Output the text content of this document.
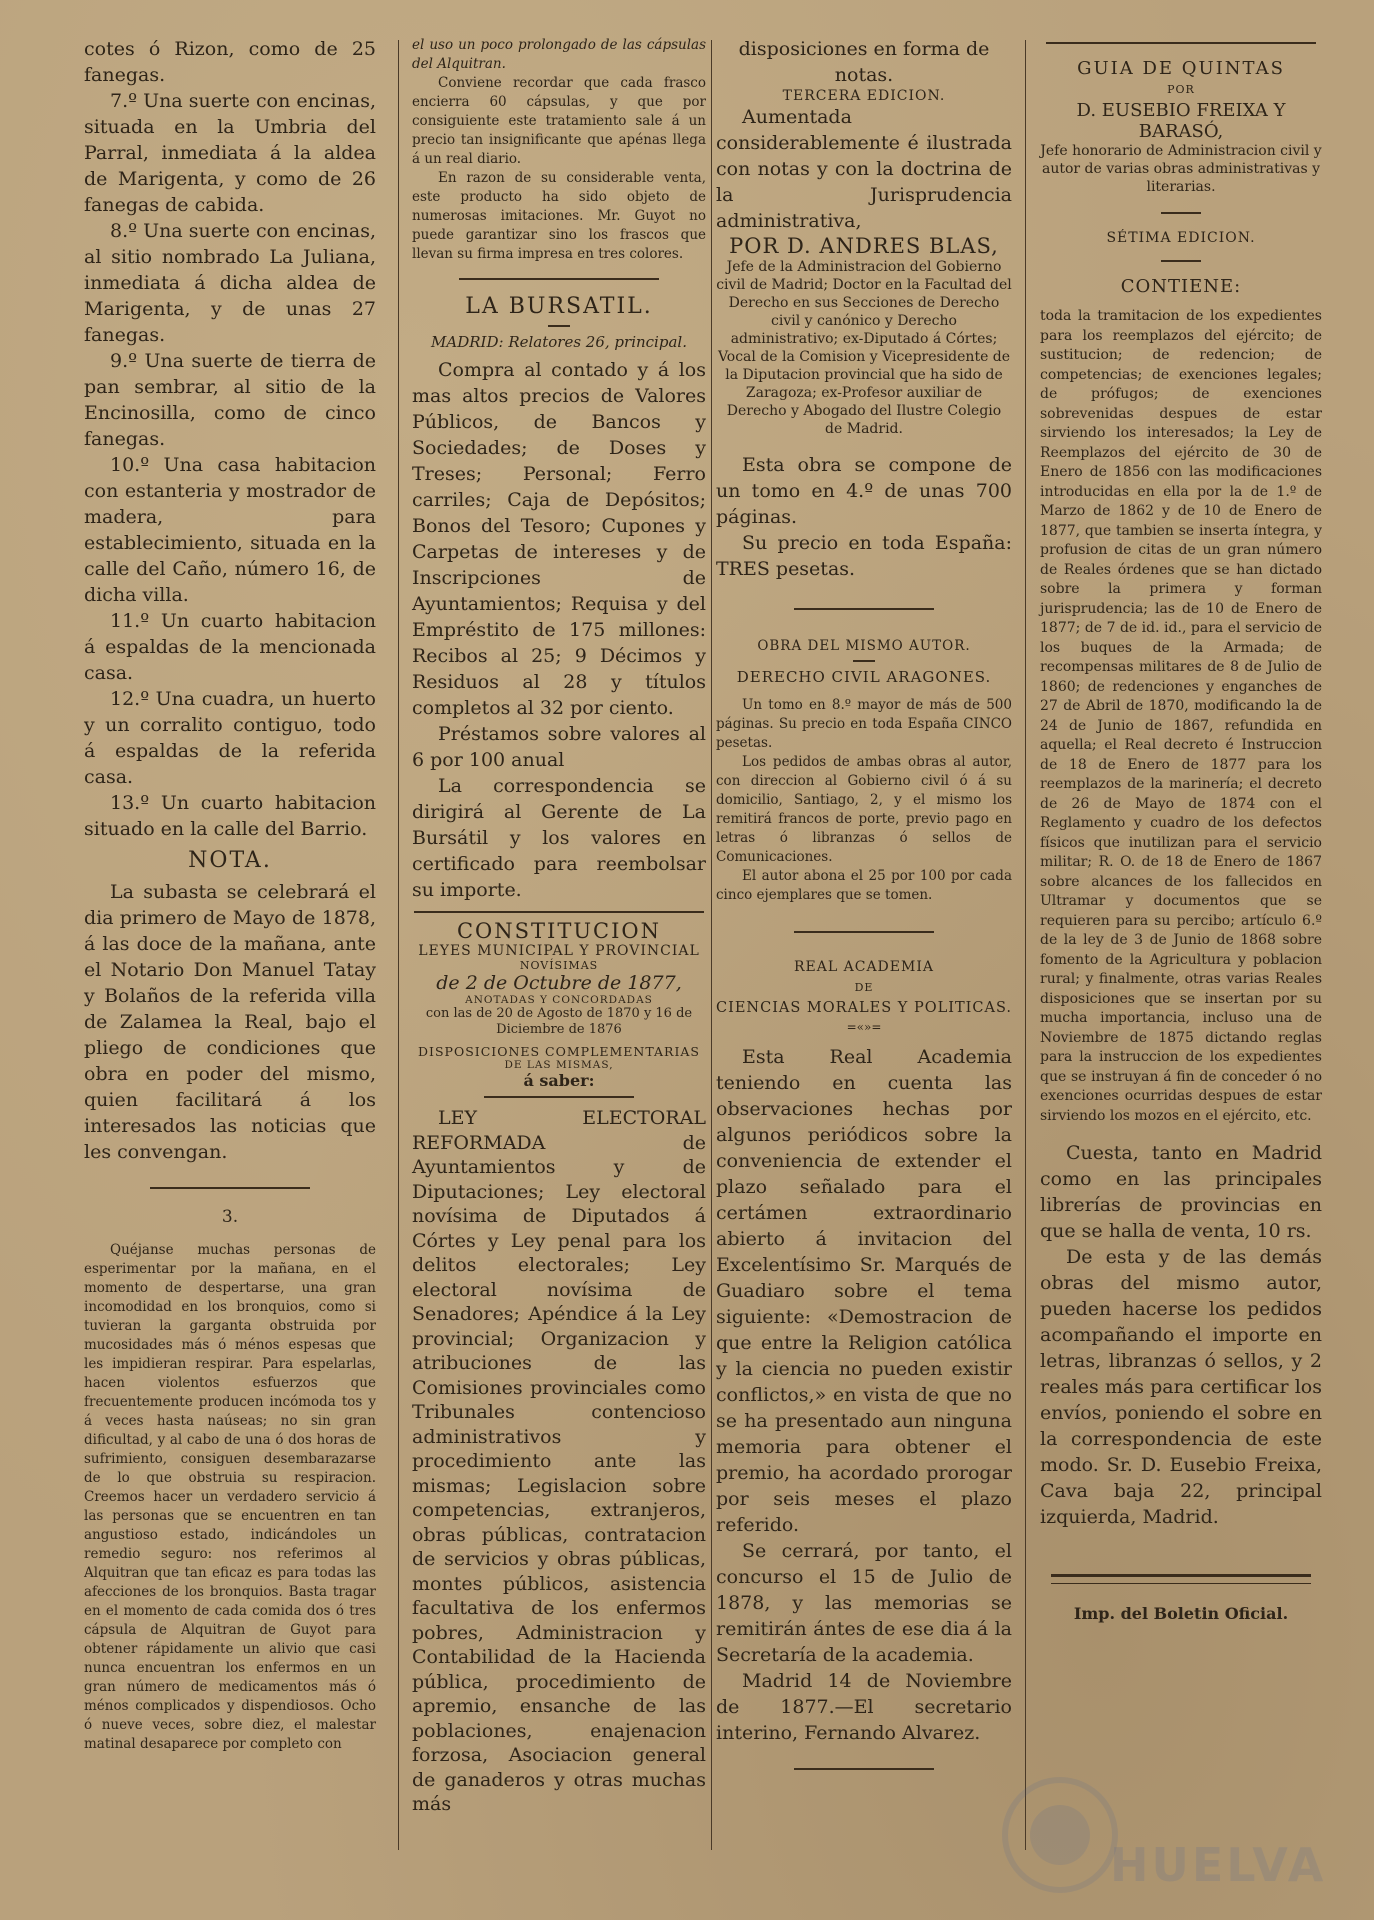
cotes ó Rizon, como de 25 fanegas.

7.º Una suerte con encinas, situada en la Umbria del Parral, inmediata á la aldea de Marigenta, y como de 26 fanegas de cabida.

8.º Una suerte con encinas, al sitio nombrado La Juliana, inmediata á dicha aldea de Marigenta, y de unas 27 fanegas.

9.º Una suerte de tierra de pan sembrar, al sitio de la Encinosilla, como de cinco fanegas.

10.º Una casa habitacion con estanteria y mostrador de madera, para establecimiento, situada en la calle del Caño, número 16, de dicha villa.

11.º Un cuarto habitacion á espaldas de la mencionada casa.

12.º Una cuadra, un huerto y un corralito contiguo, todo á espaldas de la referida casa.

13.º Un cuarto habitacion situado en la calle del Barrio.

NOTA.

La subasta se celebrará el dia primero de Mayo de 1878, á las doce de la mañana, ante el Notario Don Manuel Tatay y Bolaños de la referida villa de Zalamea la Real, bajo el pliego de condiciones que obra en poder del mismo, quien facilitará á los interesados las noticias que les convengan.

3.

Quéjanse muchas personas de esperimentar por la mañana, en el momento de despertarse, una gran incomodidad en los bronquios, como si tuvieran la garganta obstruida por mucosidades más ó ménos espesas que les impidieran respirar. Para espelarlas, hacen violentos esfuerzos que frecuentemente producen incómoda tos y á veces hasta naúseas; no sin gran dificultad, y al cabo de una ó dos horas de sufrimiento, consiguen desembarazarse de lo que obstruia su respiracion. Creemos hacer un verdadero servicio á las personas que se encuentren en tan angustioso estado, indicándoles un remedio seguro: nos referimos al Alquitran que tan eficaz es para todas las afecciones de los bronquios. Basta tragar en el momento de cada comida dos ó tres cápsula de Alquitran de Guyot para obtener rápidamente un alivio que casi nunca encuentran los enfermos en un gran número de medicamentos más ó ménos complicados y dispendiosos. Ocho ó nueve veces, sobre diez, el malestar matinal desaparece por completo con

el uso un poco prolongado de las cápsulas del Alquitran.

Conviene recordar que cada frasco encierra 60 cápsulas, y que por consiguiente este tratamiento sale á un precio tan insignificante que apénas llega á un real diario.

En razon de su considerable venta, este producto ha sido objeto de numerosas imitaciones. Mr. Guyot no puede garantizar sino los frascos que llevan su firma impresa en tres colores.

LA BURSATIL.

MADRID: Relatores 26, principal.

Compra al contado y á los mas altos precios de Valores Públicos, de Bancos y Sociedades; de Doses y Treses; Personal; Ferro carriles; Caja de Depósitos; Bonos del Tesoro; Cupones y Carpetas de intereses y de Inscripciones de Ayuntamientos; Requisa y del Empréstito de 175 millones: Recibos al 25; 9 Décimos y Residuos al 28 y títulos completos al 32 por ciento.

Préstamos sobre valores al 6 por 100 anual

La correspondencia se dirigirá al Gerente de La Bursátil y los valores en certificado para reembolsar su importe.

CONSTITUCION

LEYES MUNICIPAL Y PROVINCIAL

NOVÍSIMAS

de 2 de Octubre de 1877,

ANOTADAS Y CONCORDADAS

con las de 20 de Agosto de 1870 y 16 de Diciembre de 1876

DISPOSICIONES COMPLEMENTARIAS

DE LAS MISMAS,

á saber:

LEY ELECTORAL REFORMADA de Ayuntamientos y de Diputaciones; Ley electoral novísima de Diputados á Córtes y Ley penal para los delitos electorales; Ley electoral novísima de Senadores; Apéndice á la Ley provincial; Organizacion y atribuciones de las Comisiones provinciales como Tribunales contencioso administrativos y procedimiento ante las mismas; Legislacion sobre competencias, extranjeros, obras públicas, contratacion de servicios y obras públicas, montes públicos, asistencia facultativa de los enfermos pobres, Administracion y Contabilidad de la Hacienda pública, procedimiento de apremio, ensanche de las poblaciones, enajenacion forzosa, Asociacion general de ganaderos y otras muchas más

disposiciones en forma de notas.

TERCERA EDICION.

Aumentada considerablemente é ilustrada con notas y con la doctrina de la Jurisprudencia administrativa,

POR D. ANDRES BLAS,

Jefe de la Administracion del Gobierno civil de Madrid; Doctor en la Facultad del Derecho en sus Secciones de Derecho civil y canónico y Derecho administrativo; ex-Diputado á Córtes; Vocal de la Comision y Vicepresidente de la Diputacion provincial que ha sido de Zaragoza; ex-Profesor auxiliar de Derecho y Abogado del Ilustre Colegio de Madrid.

Esta obra se compone de un tomo en 4.º de unas 700 páginas.

Su precio en toda España: TRES pesetas.

OBRA DEL MISMO AUTOR.

DERECHO CIVIL ARAGONES.

Un tomo en 8.º mayor de más de 500 páginas. Su precio en toda España CINCO pesetas.

Los pedidos de ambas obras al autor, con direccion al Gobierno civil ó á su domicilio, Santiago, 2, y el mismo los remitirá francos de porte, previo pago en letras ó libranzas ó sellos de Comunicaciones.

El autor abona el 25 por 100 por cada cinco ejemplares que se tomen.

REAL ACADEMIA

DE

CIENCIAS MORALES Y POLITICAS.

=«»=

Esta Real Academia teniendo en cuenta las observaciones hechas por algunos periódicos sobre la conveniencia de extender el plazo señalado para el certámen extraordinario abierto á invitacion del Excelentísimo Sr. Marqués de Guadiaro sobre el tema siguiente: «Demostracion de que entre la Religion católica y la ciencia no pueden existir conflictos,» en vista de que no se ha presentado aun ninguna memoria para obtener el premio, ha acordado prorogar por seis meses el plazo referido.

Se cerrará, por tanto, el concurso el 15 de Julio de 1878, y las memorias se remitirán ántes de ese dia á la Secretaría de la academia.

Madrid 14 de Noviembre de 1877.—El secretario interino, Fernando Alvarez.

GUIA DE QUINTAS

POR

D. EUSEBIO FREIXA Y BARASÓ,

Jefe honorario de Administracion civil y autor de varias obras administrativas y literarias.

SÉTIMA EDICION.

CONTIENE:

toda la tramitacion de los expedientes para los reemplazos del ejército; de sustitucion; de redencion; de competencias; de exenciones legales; de prófugos; de exenciones sobrevenidas despues de estar sirviendo los interesados; la Ley de Reemplazos del ejército de 30 de Enero de 1856 con las modificaciones introducidas en ella por la de 1.º de Marzo de 1862 y de 10 de Enero de 1877, que tambien se inserta íntegra, y profusion de citas de un gran número de Reales órdenes que se han dictado sobre la primera y forman jurisprudencia; las de 10 de Enero de 1877; de 7 de id. id., para el servicio de los buques de la Armada; de recompensas militares de 8 de Julio de 1860; de redenciones y enganches de 27 de Abril de 1870, modificando la de 24 de Junio de 1867, refundida en aquella; el Real decreto é Instruccion de 18 de Enero de 1877 para los reemplazos de la marinería; el decreto de 26 de Mayo de 1874 con el Reglamento y cuadro de los defectos físicos que inutilizan para el servicio militar; R. O. de 18 de Enero de 1867 sobre alcances de los fallecidos en Ultramar y documentos que se requieren para su percibo; artículo 6.º de la ley de 3 de Junio de 1868 sobre fomento de la Agricultura y poblacion rural; y finalmente, otras varias Reales disposiciones que se insertan por su mucha importancia, incluso una de Noviembre de 1875 dictando reglas para la instruccion de los expedientes que se instruyan á fin de conceder ó no exenciones ocurridas despues de estar sirviendo los mozos en el ejército, etc.

Cuesta, tanto en Madrid como en las principales librerías de provincias en que se halla de venta, 10 rs.

De esta y de las demás obras del mismo autor, pueden hacerse los pedidos acompañando el importe en letras, libranzas ó sellos, y 2 reales más para certificar los envíos, poniendo el sobre en la correspondencia de este modo. Sr. D. Eusebio Freixa, Cava baja 22, principal izquierda, Madrid.

Imp. del Boletin Oficial.

HUELVA
